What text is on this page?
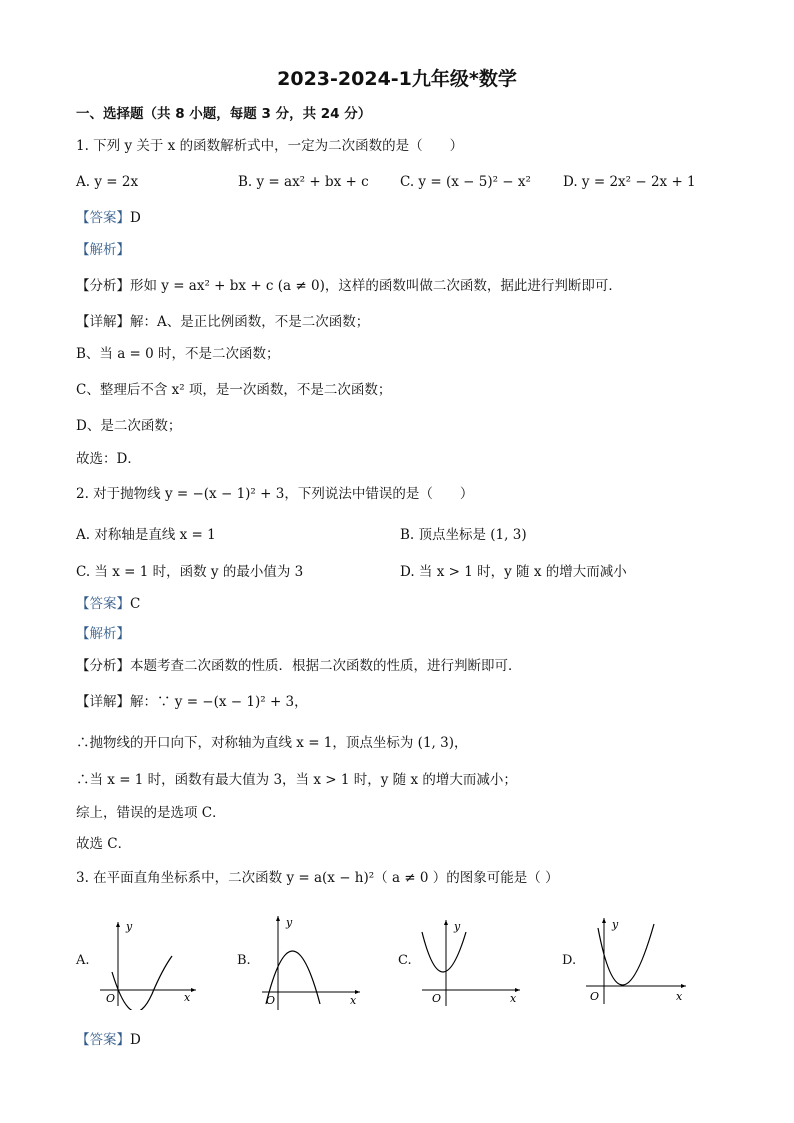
2023-2024-1九年级*数学
一、选择题（共 8 小题，每题 3 分，共 24 分）
1. 下列 y 关于 x 的函数解析式中，一定为二次函数的是（　　）
A. y = 2x	B. y = ax² + bx + c C. y = (x − 5)² − x² D. y = 2x² − 2x + 1
【答案】D
【解析】
【分析】形如 y = ax² + bx + c (a ≠ 0)，这样的函数叫做二次函数，据此进行判断即可．
【详解】解：A、是正比例函数，不是二次函数；
B、当 a = 0 时，不是二次函数；
C、整理后不含 x² 项，是一次函数，不是二次函数；
D、是二次函数；
故选：D．
2. 对于抛物线 y = −(x − 1)² + 3，下列说法中错误的是（　　）
A. 对称轴是直线 x = 1	B. 顶点坐标是 (1, 3)
C. 当 x = 1 时，函数 y 的最小值为 3	D. 当 x > 1 时，y 随 x 的增大而减小
【答案】C
【解析】
【分析】本题考查二次函数的性质．根据二次函数的性质，进行判断即可．
【详解】解：∵ y = −(x − 1)² + 3，
∴抛物线的开口向下，对称轴为直线 x = 1，顶点坐标为 (1, 3)，
∴当 x = 1 时，函数有最大值为 3，当 x > 1 时，y 随 x 的增大而减小；
综上，错误的是选项 C．
故选 C．
3. 在平面直角坐标系中，二次函数 y = a(x − h)²（ a ≠ 0 ）的图象可能是（ ）
A.
y
x
O
B.
y
x
O
C.
y
x
O
D.
y
x
O
【答案】D
